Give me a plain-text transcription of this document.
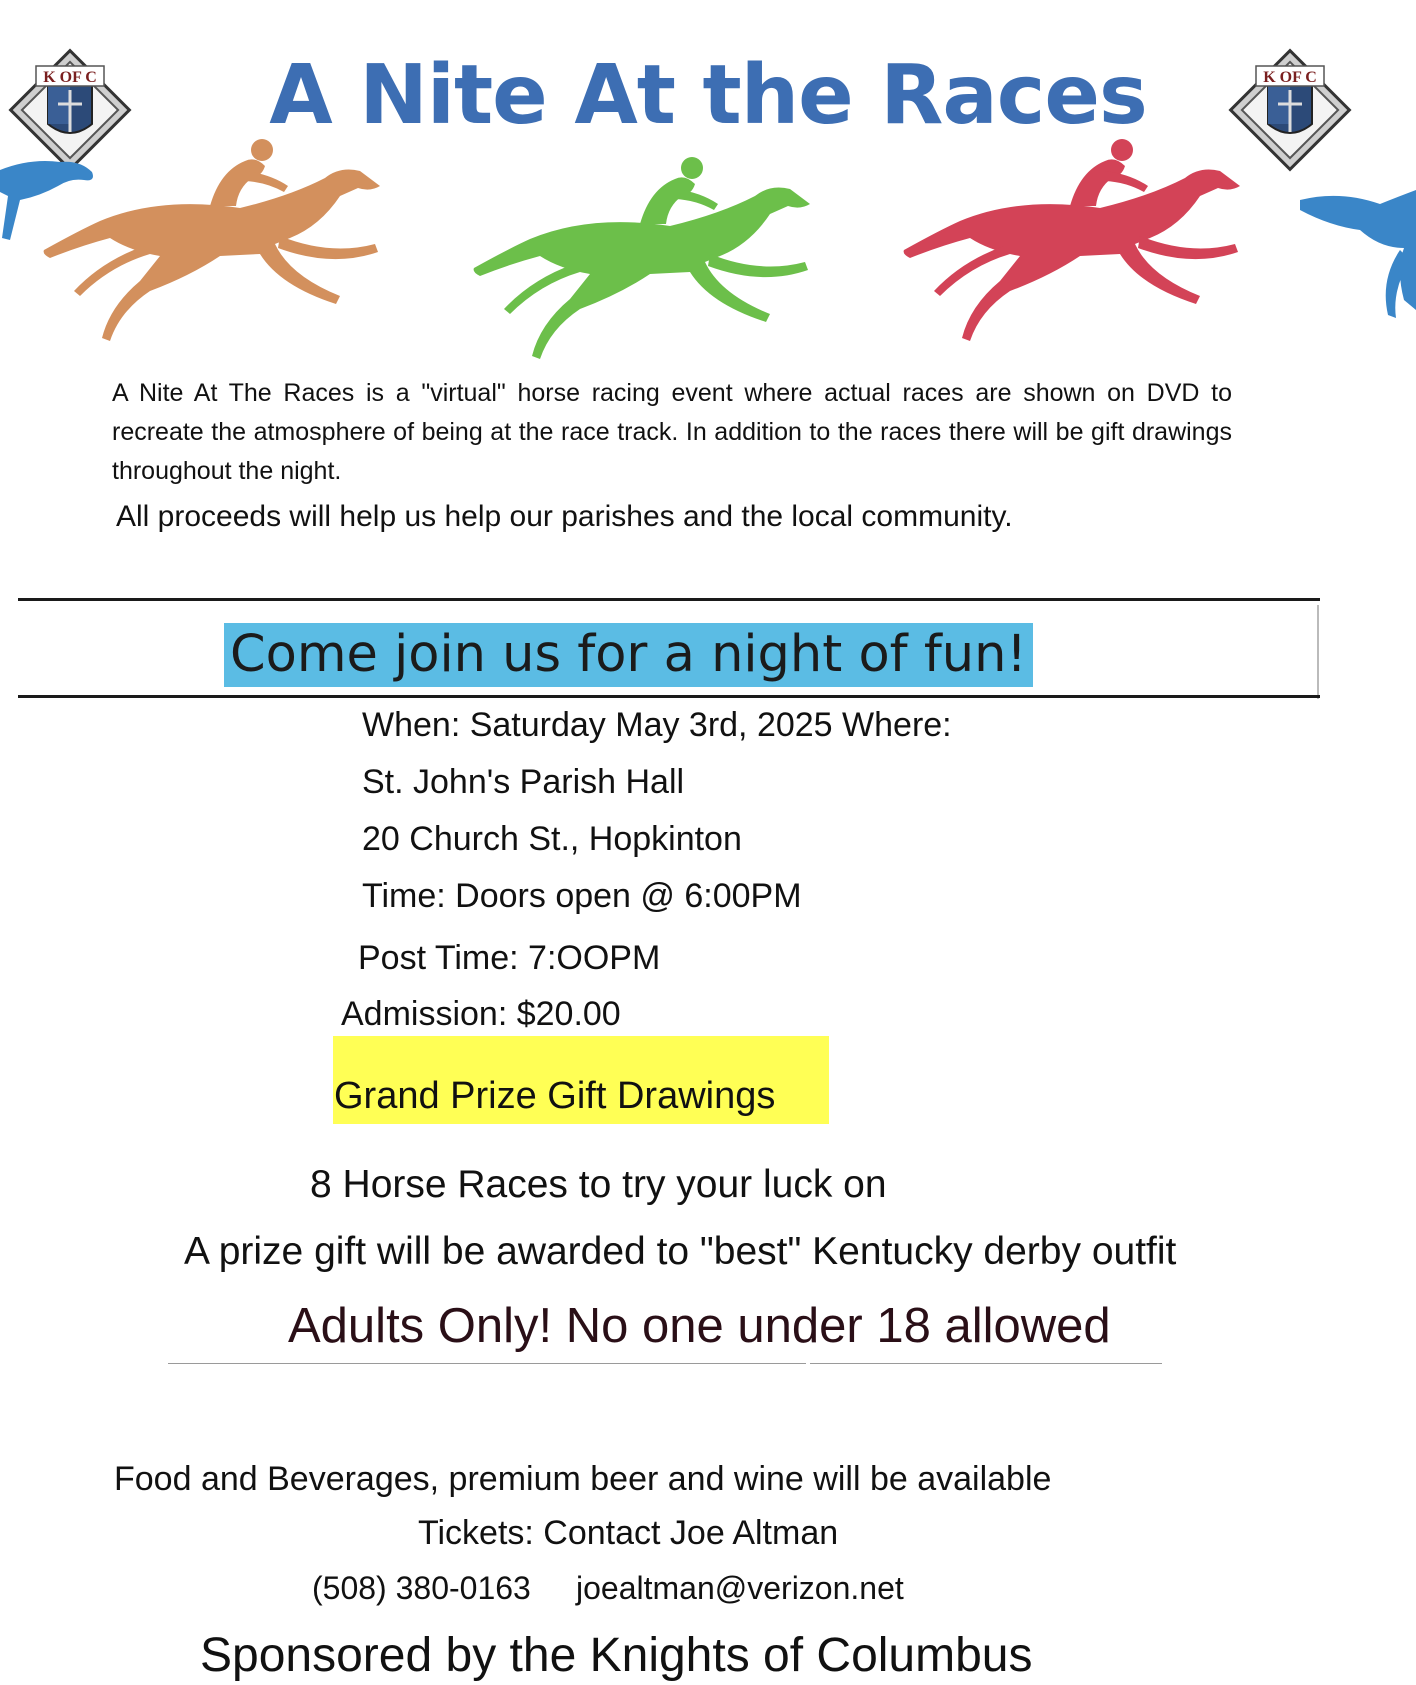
K OF C	K OF C
A Nite At the Races
A Nite At The Races is a "virtual" horse racing event where actual races are shown on DVD to recreate the atmosphere of being at the race track. In addition to the races there will be gift drawings throughout the night.
All proceeds will help us help our parishes and the local community.
Come join us for a night of fun!
When: Saturday May 3rd, 2025 Where:
St. John's Parish Hall
20 Church St., Hopkinton
Time: Doors open @ 6:00PM
Post Time: 7:OOPM
Admission: $20.00
Grand Prize Gift Drawings
8 Horse Races to try your luck on
A prize gift will be awarded to "best" Kentucky derby outfit
Adults Only! No one under 18 allowed
Food and Beverages, premium beer and wine will be available
Tickets: Contact Joe Altman
(508) 380-0163 joealtman@verizon.net
Sponsored by the Knights of Columbus
